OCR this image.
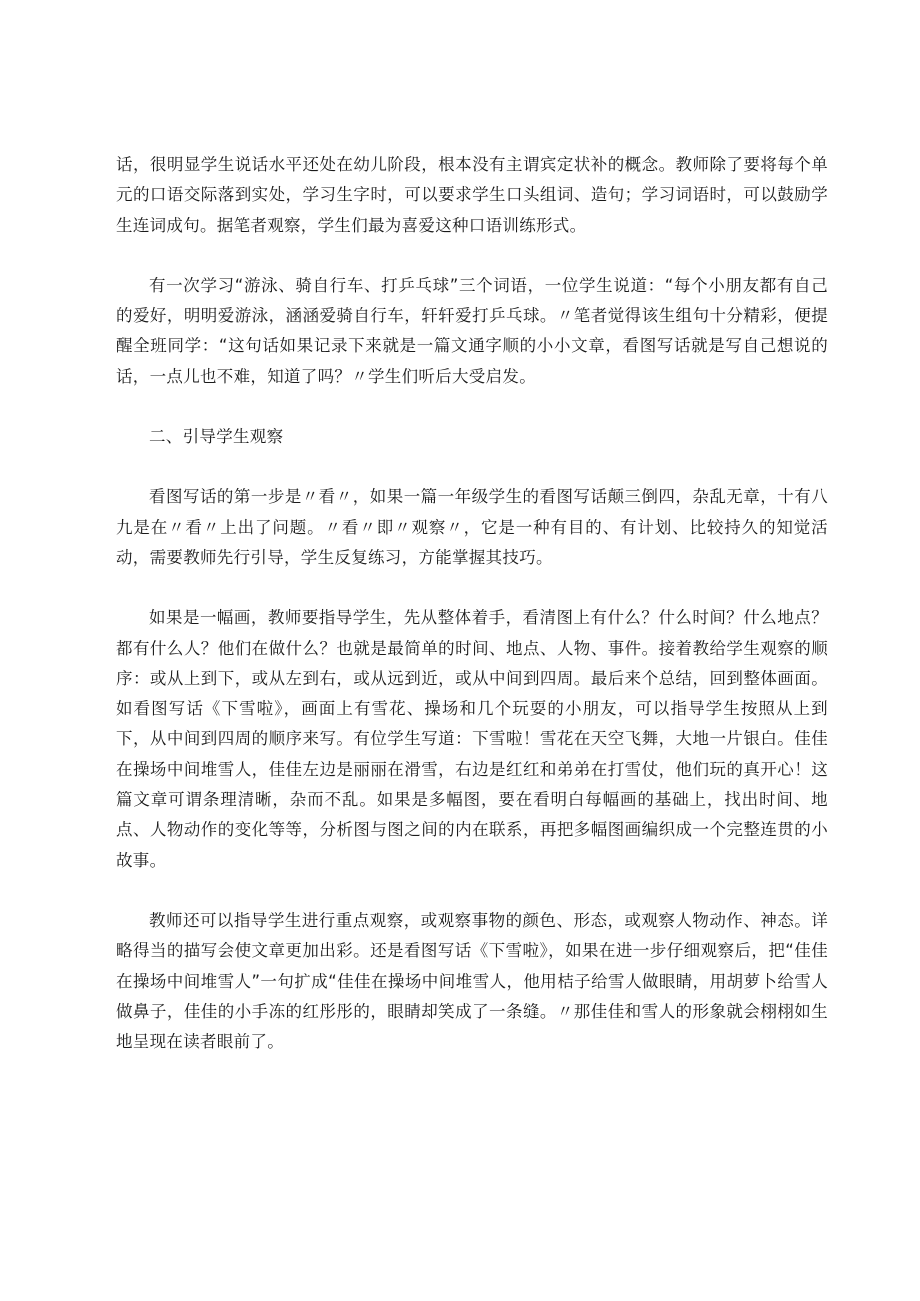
话，很明显学生说话水平还处在幼儿阶段，根本没有主谓宾定状补的概念。教师除了要将每个单元的口语交际落到实处，学习生字时，可以要求学生口头组词、造句；学习词语时，可以鼓励学生连词成句。据笔者观察，学生们最为喜爱这种口语训练形式。

有一次学习“游泳、骑自行车、打乒乓球”三个词语，一位学生说道：“每个小朋友都有自己的爱好，明明爱游泳，涵涵爱骑自行车，轩轩爱打乒乓球。〃笔者觉得该生组句十分精彩，便提醒全班同学：“这句话如果记录下来就是一篇文通字顺的小小文章，看图写话就是写自己想说的话，一点儿也不难，知道了吗？〃学生们听后大受启发。

二、引导学生观察

看图写话的第一步是〃看〃，如果一篇一年级学生的看图写话颠三倒四，杂乱无章，十有八九是在〃看〃上出了问题。〃看〃即〃观察〃，它是一种有目的、有计划、比较持久的知觉活动，需要教师先行引导，学生反复练习，方能掌握其技巧。

如果是一幅画，教师要指导学生，先从整体着手，看清图上有什么？什么时间？什么地点？都有什么人？他们在做什么？也就是最简单的时间、地点、人物、事件。接着教给学生观察的顺序：或从上到下，或从左到右，或从远到近，或从中间到四周。最后来个总结，回到整体画面。如看图写话《下雪啦》，画面上有雪花、操场和几个玩耍的小朋友，可以指导学生按照从上到下，从中间到四周的顺序来写。有位学生写道：下雪啦！雪花在天空飞舞，大地一片银白。佳佳在操场中间堆雪人，佳佳左边是丽丽在滑雪，右边是红红和弟弟在打雪仗，他们玩的真开心！这篇文章可谓条理清晰，杂而不乱。如果是多幅图，要在看明白每幅画的基础上，找出时间、地点、人物动作的变化等等，分析图与图之间的内在联系，再把多幅图画编织成一个完整连贯的小故事。

教师还可以指导学生进行重点观察，或观察事物的颜色、形态，或观察人物动作、神态。详略得当的描写会使文章更加出彩。还是看图写话《下雪啦》，如果在进一步仔细观察后，把“佳佳在操场中间堆雪人”一句扩成“佳佳在操场中间堆雪人，他用桔子给雪人做眼睛，用胡萝卜给雪人做鼻子，佳佳的小手冻的红彤彤的，眼睛却笑成了一条缝。〃那佳佳和雪人的形象就会栩栩如生地呈现在读者眼前了。
